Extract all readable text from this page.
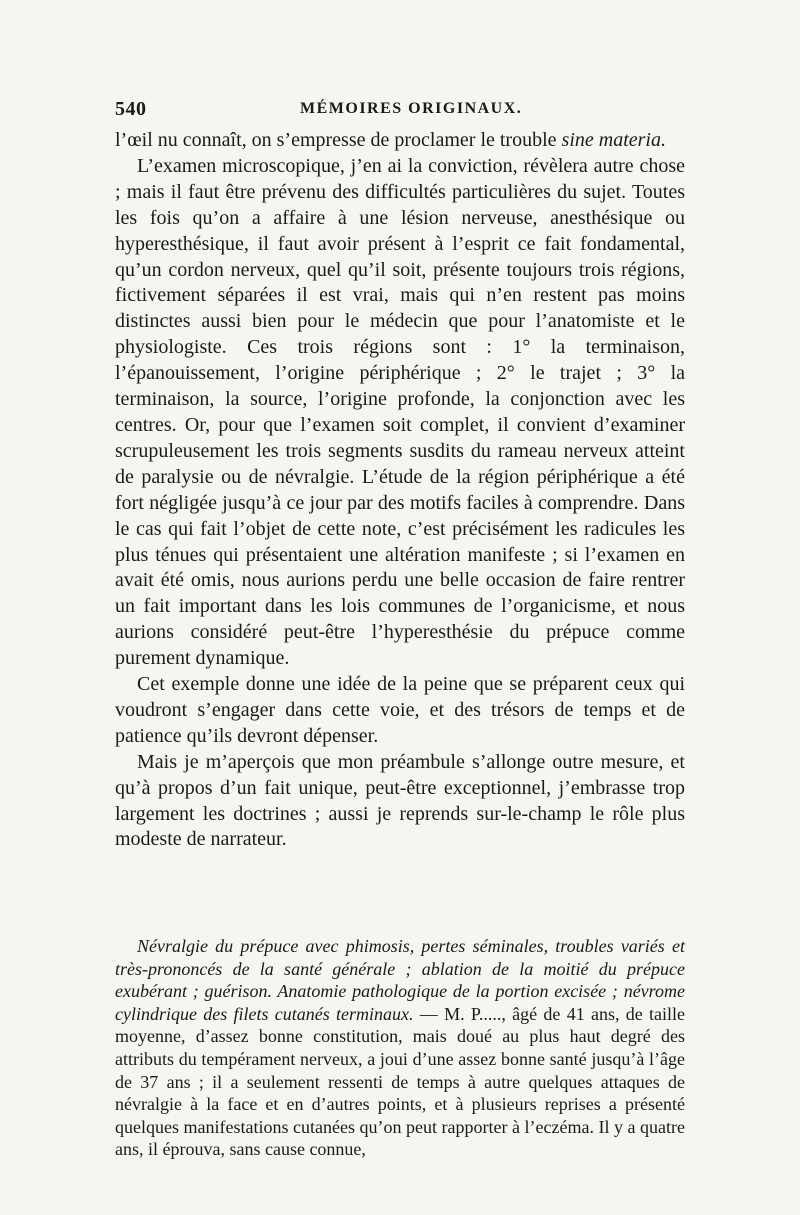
540	MÉMOIRES ORIGINAUX.

l’œil nu connaît, on s’empresse de proclamer le trouble sine materia.

L’examen microscopique, j’en ai la conviction, révèlera autre chose ; mais il faut être prévenu des difficultés particulières du sujet. Toutes les fois qu’on a affaire à une lésion nerveuse, anesthésique ou hyperesthésique, il faut avoir présent à l’esprit ce fait fondamental, qu’un cordon nerveux, quel qu’il soit, présente toujours trois régions, fictivement séparées il est vrai, mais qui n’en restent pas moins distinctes aussi bien pour le médecin que pour l’anatomiste et le physiologiste. Ces trois régions sont : 1° la terminaison, l’épanouissement, l’origine périphérique ; 2° le trajet ; 3° la terminaison, la source, l’origine profonde, la conjonction avec les centres. Or, pour que l’examen soit complet, il convient d’examiner scrupuleusement les trois segments susdits du rameau nerveux atteint de paralysie ou de névralgie. L’étude de la région périphérique a été fort négligée jusqu’à ce jour par des motifs faciles à comprendre. Dans le cas qui fait l’objet de cette note, c’est précisément les radicules les plus ténues qui présentaient une altération manifeste ; si l’examen en avait été omis, nous aurions perdu une belle occasion de faire rentrer un fait important dans les lois communes de l’organicisme, et nous aurions considéré peut-être l’hyperesthésie du prépuce comme purement dynamique.

Cet exemple donne une idée de la peine que se préparent ceux qui voudront s’engager dans cette voie, et des trésors de temps et de patience qu’ils devront dépenser.

Mais je m’aperçois que mon préambule s’allonge outre mesure, et qu’à propos d’un fait unique, peut-être exceptionnel, j’embrasse trop largement les doctrines ; aussi je reprends sur-le-champ le rôle plus modeste de narrateur.

Névralgie du prépuce avec phimosis, pertes séminales, troubles variés et très-prononcés de la santé générale ; ablation de la moitié du prépuce exubérant ; guérison. Anatomie pathologique de la portion excisée ; névrome cylindrique des filets cutanés terminaux. — M. P....., âgé de 41 ans, de taille moyenne, d’assez bonne constitution, mais doué au plus haut degré des attributs du tempérament nerveux, a joui d’une assez bonne santé jusqu’à l’âge de 37 ans ; il a seulement ressenti de temps à autre quelques attaques de névralgie à la face et en d’autres points, et à plusieurs reprises a présenté quelques manifestations cutanées qu’on peut rapporter à l’eczéma. Il y a quatre ans, il éprouva, sans cause connue,
